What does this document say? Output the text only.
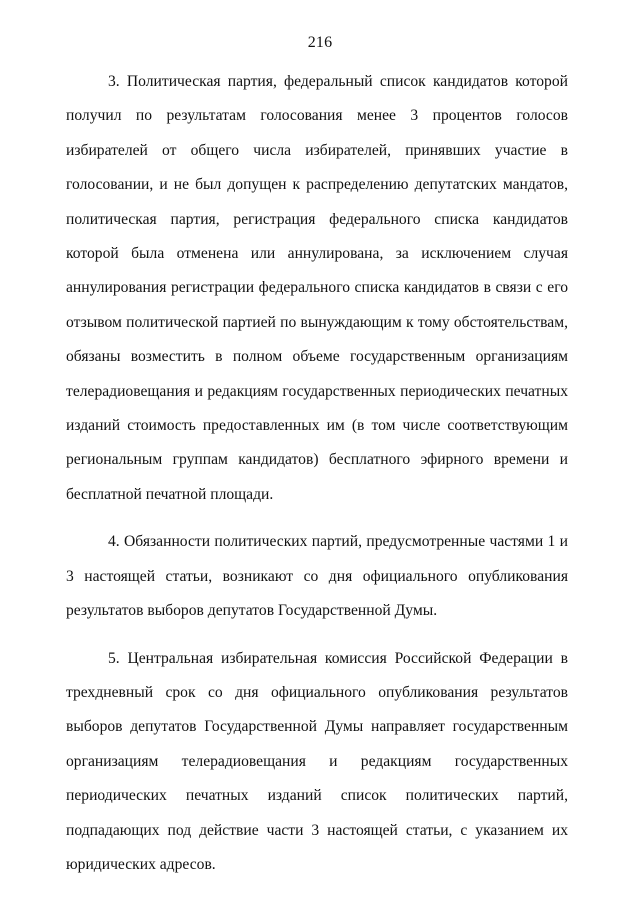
216

3. Политическая партия, федеральный список кандидатов которой получил по результатам голосования менее 3 процентов голосов избирателей от общего числа избирателей, принявших участие в голосовании, и не был допущен к распределению депутатских мандатов, политическая партия, регистрация федерального списка кандидатов которой была отменена или аннулирована, за исключением случая аннулирования регистрации федерального списка кандидатов в связи с его отзывом политической партией по вынуждающим к тому обстоятельствам, обязаны возместить в полном объеме государственным организациям телерадиовещания и редакциям государственных периодических печатных изданий стоимость предоставленных им (в том числе соответствующим региональным группам кандидатов) бесплатного эфирного времени и бесплатной печатной площади.

4. Обязанности политических партий, предусмотренные частями 1 и 3 настоящей статьи, возникают со дня официального опубликования результатов выборов депутатов Государственной Думы.

5. Центральная избирательная комиссия Российской Федерации в трехдневный срок со дня официального опубликования результатов выборов депутатов Государственной Думы направляет государственным организациям телерадиовещания и редакциям государственных периодических печатных изданий список политических партий, подпадающих под действие части 3 настоящей статьи, с указанием их юридических адресов.
